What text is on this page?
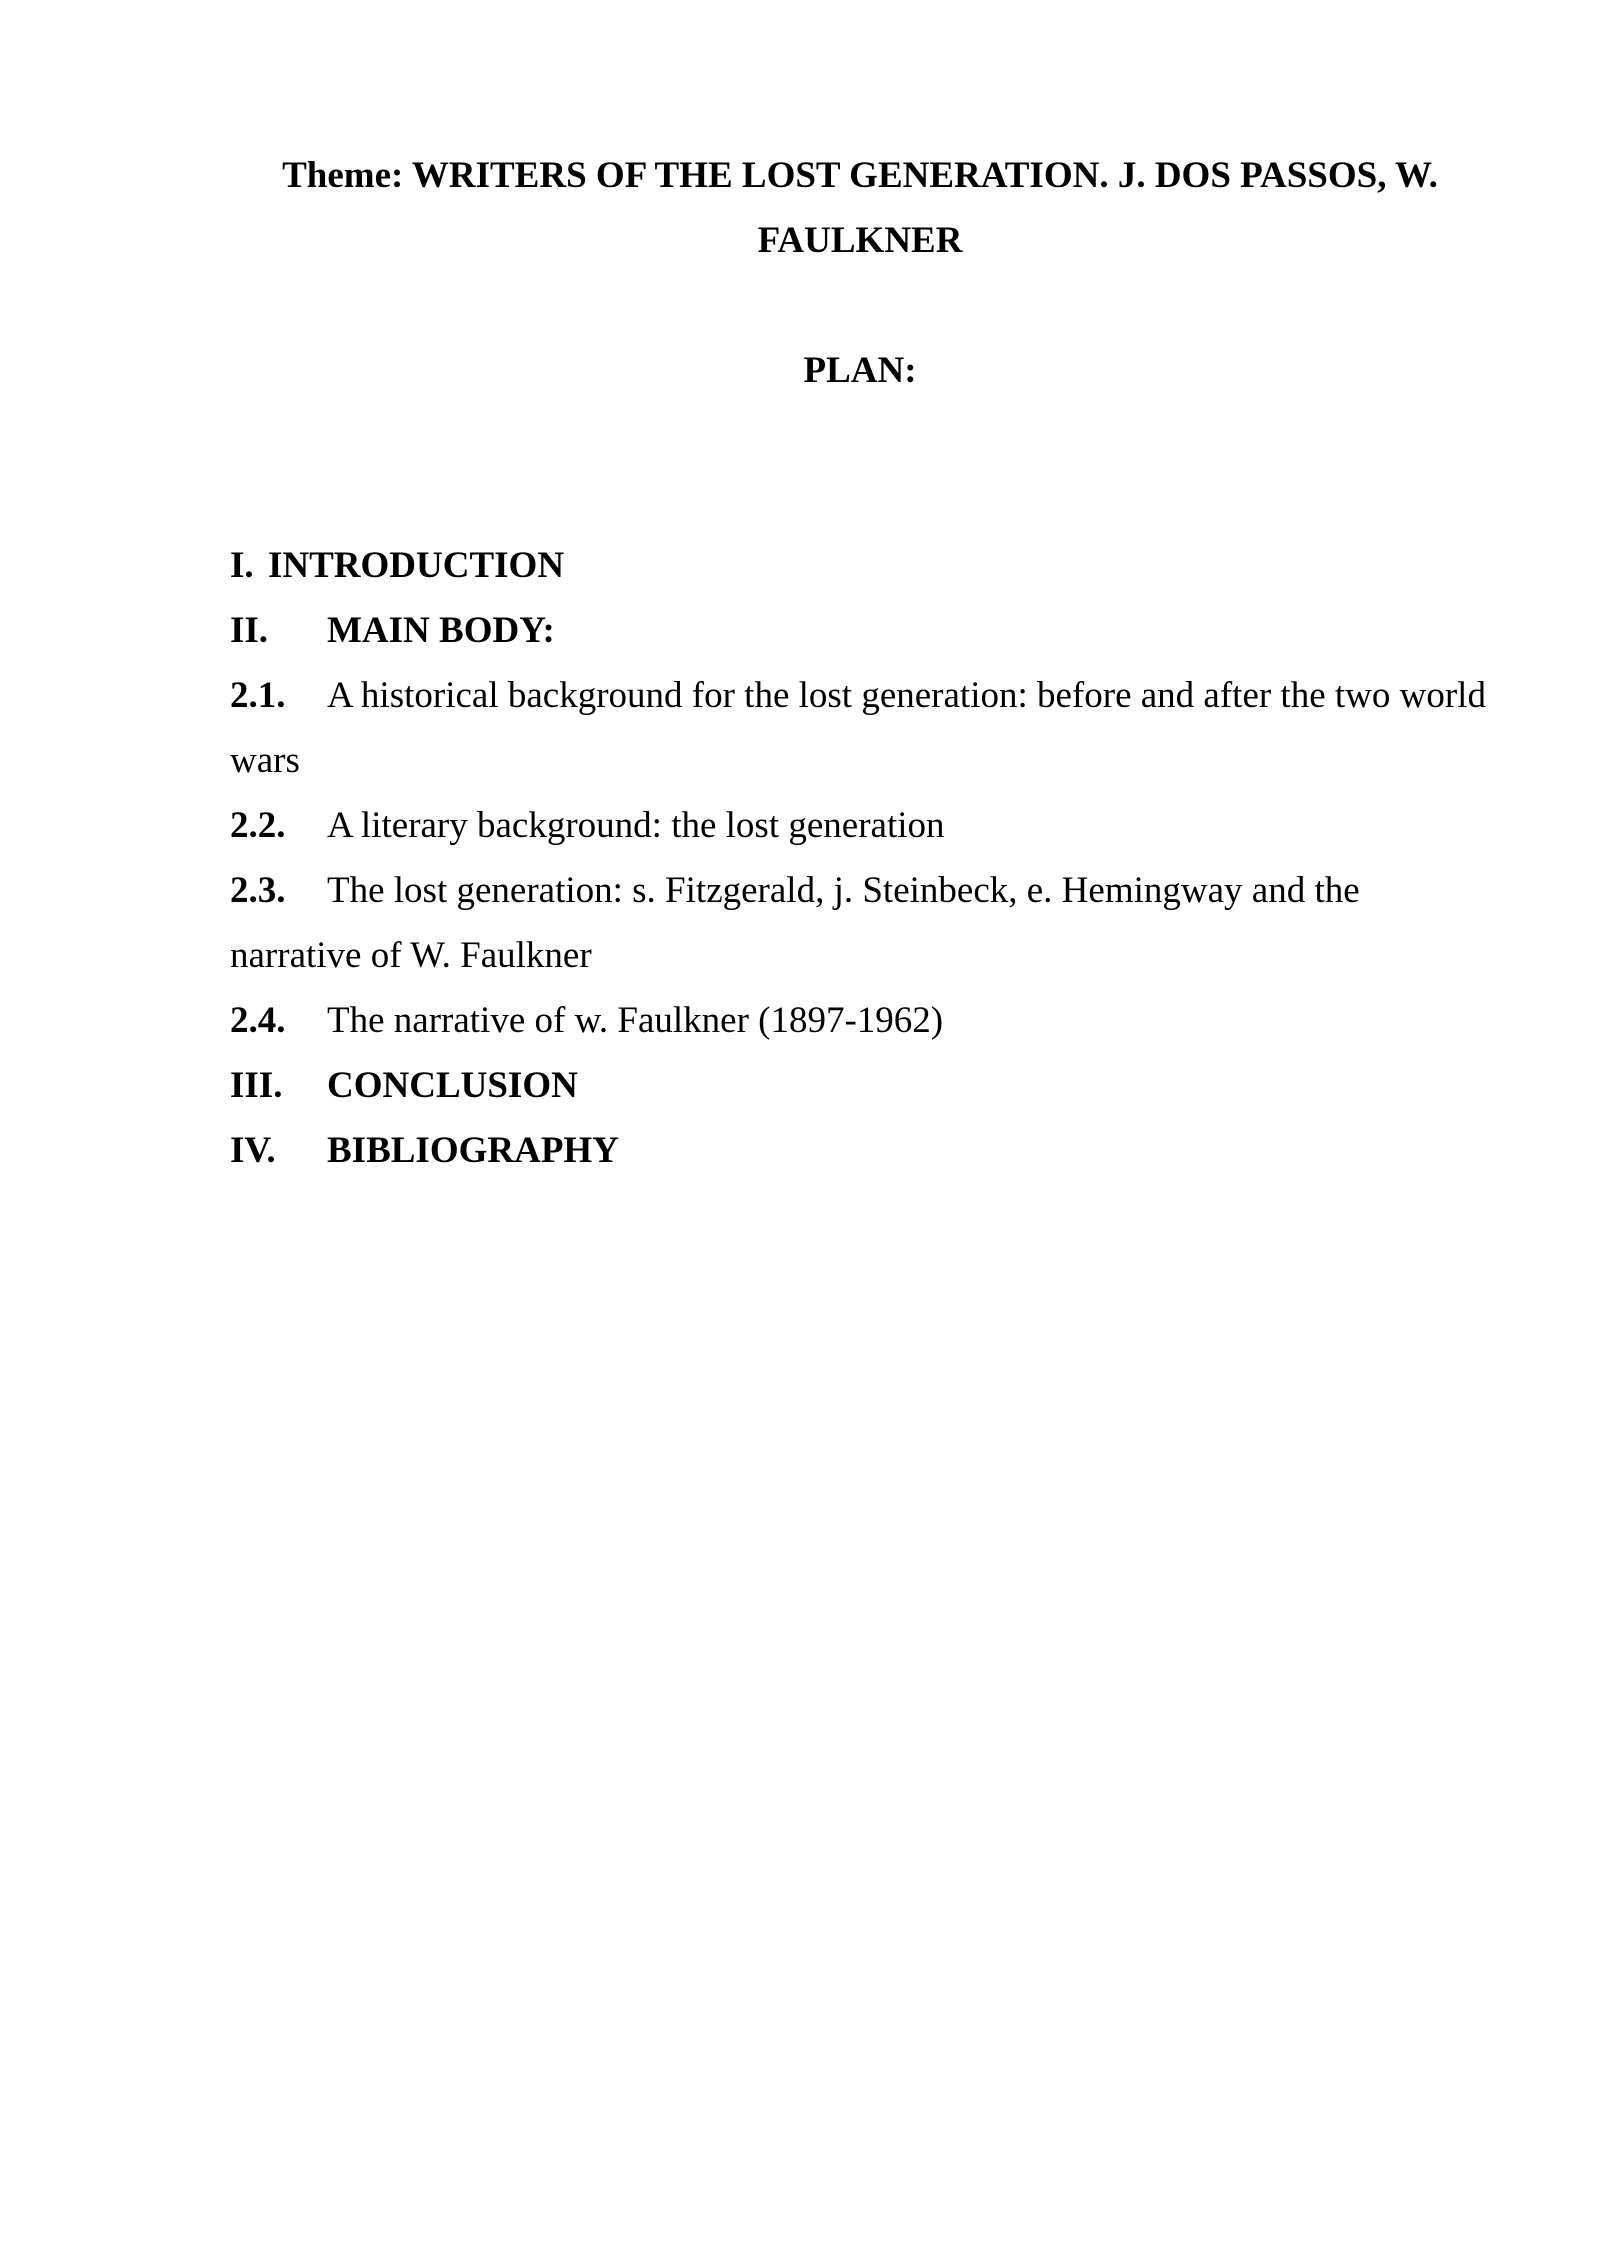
Theme: WRITERS OF THE LOST GENERATION. J. DOS PASSOS, W. FAULKNER
PLAN:
I. INTRODUCTION
II. MAIN BODY:
2.1. A historical background for the lost generation: before and after the two world wars
2.2. A literary background: the lost generation
2.3. The lost generation: s. Fitzgerald, j. Steinbeck, e. Hemingway and the narrative of W. Faulkner
2.4. The narrative of w. Faulkner (1897-1962)
III. CONCLUSION
IV. BIBLIOGRAPHY
